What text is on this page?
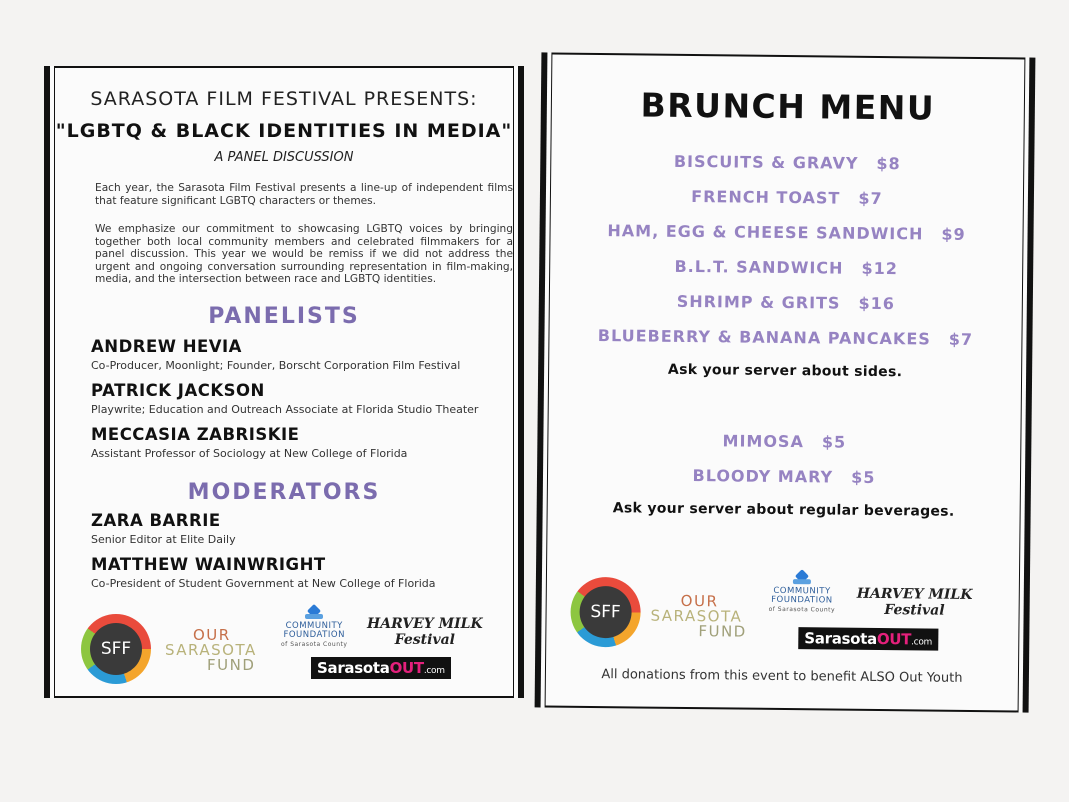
SARASOTA FILM FESTIVAL PRESENTS:
"LGBTQ & BLACK IDENTITIES IN MEDIA"
A PANEL DISCUSSION
Each year, the Sarasota Film Festival presents a line-up of independent films that feature significant LGBTQ characters or themes.
We emphasize our commitment to showcasing LGBTQ voices by bringing together both local community members and celebrated filmmakers for a panel discussion. This year we would be remiss if we did not address the urgent and ongoing conversation surrounding representation in film-making, media, and the intersection between race and LGBTQ identities.
PANELISTS
ANDREW HEVIA
Co-Producer, Moonlight; Founder, Borscht Corporation Film Festival
PATRICK JACKSON
Playwrite; Education and Outreach Associate at Florida Studio Theater
MECCASIA ZABRISKIE
Assistant Professor of Sociology at New College of Florida
MODERATORS
ZARA BARRIE
Senior Editor at Elite Daily
MATTHEW WAINWRIGHT
Co-President of Student Government at New College of Florida
SFF
OUR
SARASOTA
FUND
COMMUNITY
FOUNDATION
of Sarasota County
HARVEY MILK
Festival
SarasotaOUT.com
BRUNCH MENU
BISCUITS & GRAVY $8
FRENCH TOAST $7
HAM, EGG & CHEESE SANDWICH $9
B.L.T. SANDWICH $12
SHRIMP & GRITS $16
BLUEBERRY & BANANA PANCAKES $7
Ask your server about sides.
MIMOSA $5
BLOODY MARY $5
Ask your server about regular beverages.
SFF
OUR
SARASOTA
FUND
COMMUNITY
FOUNDATION
of Sarasota County
HARVEY MILK
Festival
SarasotaOUT.com
All donations from this event to benefit ALSO Out Youth
